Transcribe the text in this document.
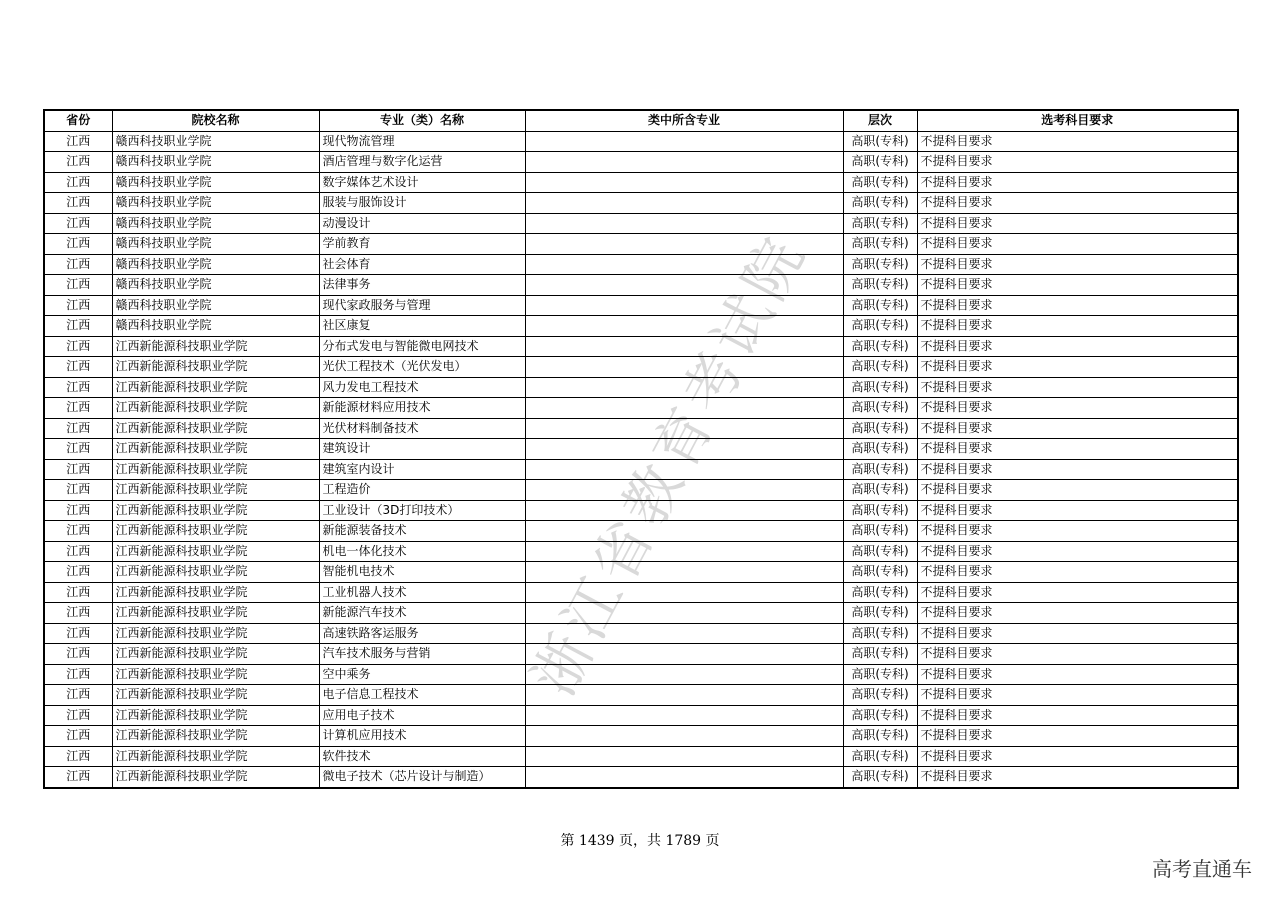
浙江省教育考试院
省份	院校名称	专业（类）名称	类中所含专业	层次	选考科目要求
江西	赣西科技职业学院	现代物流管理		高职(专科)	不提科目要求
江西	赣西科技职业学院	酒店管理与数字化运营		高职(专科)	不提科目要求
江西	赣西科技职业学院	数字媒体艺术设计		高职(专科)	不提科目要求
江西	赣西科技职业学院	服装与服饰设计		高职(专科)	不提科目要求
江西	赣西科技职业学院	动漫设计		高职(专科)	不提科目要求
江西	赣西科技职业学院	学前教育		高职(专科)	不提科目要求
江西	赣西科技职业学院	社会体育		高职(专科)	不提科目要求
江西	赣西科技职业学院	法律事务		高职(专科)	不提科目要求
江西	赣西科技职业学院	现代家政服务与管理		高职(专科)	不提科目要求
江西	赣西科技职业学院	社区康复		高职(专科)	不提科目要求
江西	江西新能源科技职业学院	分布式发电与智能微电网技术		高职(专科)	不提科目要求
江西	江西新能源科技职业学院	光伏工程技术（光伏发电）		高职(专科)	不提科目要求
江西	江西新能源科技职业学院	风力发电工程技术		高职(专科)	不提科目要求
江西	江西新能源科技职业学院	新能源材料应用技术		高职(专科)	不提科目要求
江西	江西新能源科技职业学院	光伏材料制备技术		高职(专科)	不提科目要求
江西	江西新能源科技职业学院	建筑设计		高职(专科)	不提科目要求
江西	江西新能源科技职业学院	建筑室内设计		高职(专科)	不提科目要求
江西	江西新能源科技职业学院	工程造价		高职(专科)	不提科目要求
江西	江西新能源科技职业学院	工业设计（3D打印技术）		高职(专科)	不提科目要求
江西	江西新能源科技职业学院	新能源装备技术		高职(专科)	不提科目要求
江西	江西新能源科技职业学院	机电一体化技术		高职(专科)	不提科目要求
江西	江西新能源科技职业学院	智能机电技术		高职(专科)	不提科目要求
江西	江西新能源科技职业学院	工业机器人技术		高职(专科)	不提科目要求
江西	江西新能源科技职业学院	新能源汽车技术		高职(专科)	不提科目要求
江西	江西新能源科技职业学院	高速铁路客运服务		高职(专科)	不提科目要求
江西	江西新能源科技职业学院	汽车技术服务与营销		高职(专科)	不提科目要求
江西	江西新能源科技职业学院	空中乘务		高职(专科)	不提科目要求
江西	江西新能源科技职业学院	电子信息工程技术		高职(专科)	不提科目要求
江西	江西新能源科技职业学院	应用电子技术		高职(专科)	不提科目要求
江西	江西新能源科技职业学院	计算机应用技术		高职(专科)	不提科目要求
江西	江西新能源科技职业学院	软件技术		高职(专科)	不提科目要求
江西	江西新能源科技职业学院	微电子技术（芯片设计与制造）		高职(专科)	不提科目要求
第 1439 页，共 1789 页
高考直通车
